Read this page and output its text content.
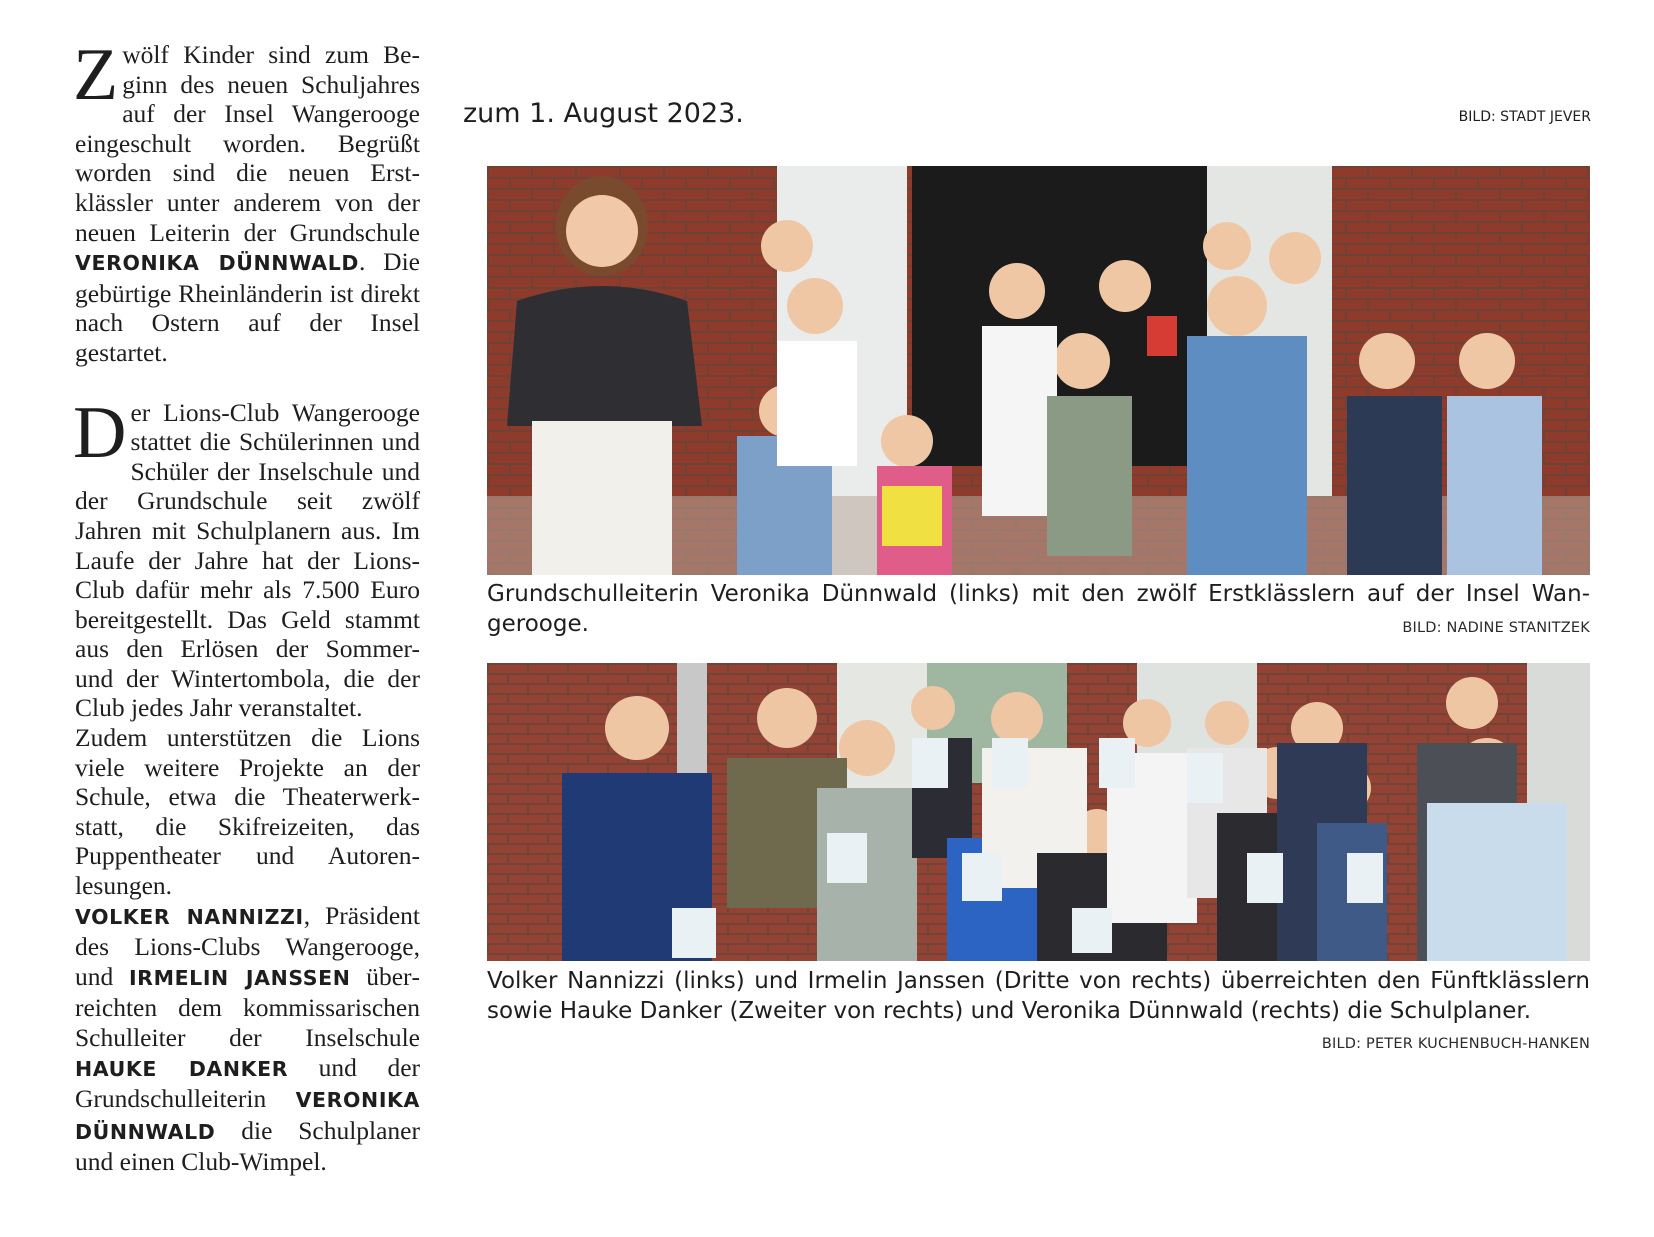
Zwölf Kinder sind zum Beginn des neuen Schuljahres auf der Insel Wangerooge eingeschult worden. Begrüßt worden sind die neuen Erstklässler unter anderem von der neuen Leiterin der Grundschule VERONIKA DÜNNWALD. Die gebürtige Rheinländerin ist direkt nach Ostern auf der Insel gestartet.

Der Lions-Club Wangerooge stattet die Schülerinnen und Schüler der Inselschule und der Grundschule seit zwölf Jahren mit Schulplanern aus. Im Laufe der Jahre hat der Lions-Club dafür mehr als 7.500 Euro bereitgestellt. Das Geld stammt aus den Erlösen der Sommer- und der Wintertombola, die der Club jedes Jahr veranstaltet.

Zudem unterstützen die Lions viele weitere Projekte an der Schule, etwa die Theaterwerkstatt, die Skifreizeiten, das Puppentheater und Autorenlesungen.

VOLKER NANNIZZI, Präsident des Lions-Clubs Wangerooge, und IRMELIN JANSSEN überreichten dem kommissarischen Schulleiter der Inselschule HAUKE DANKER und der Grundschulleiterin VERONIKA DÜNNWALD die Schulplaner und einen Club-Wimpel.

zum 1. August 2023.	BILD: STADT JEVER
Grundschulleiterin Veronika Dünnwald (links) mit den zwölf Erstklässlern auf der Insel Wangerooge.	BILD: NADINE STANITZEK
Volker Nannizzi (links) und Irmelin Janssen (Dritte von rechts) überreichten den Fünftklässlern sowie Hauke Danker (Zweiter von rechts) und Veronika Dünnwald (rechts) die Schulplaner.
BILD: PETER KUCHENBUCH-HANKEN
